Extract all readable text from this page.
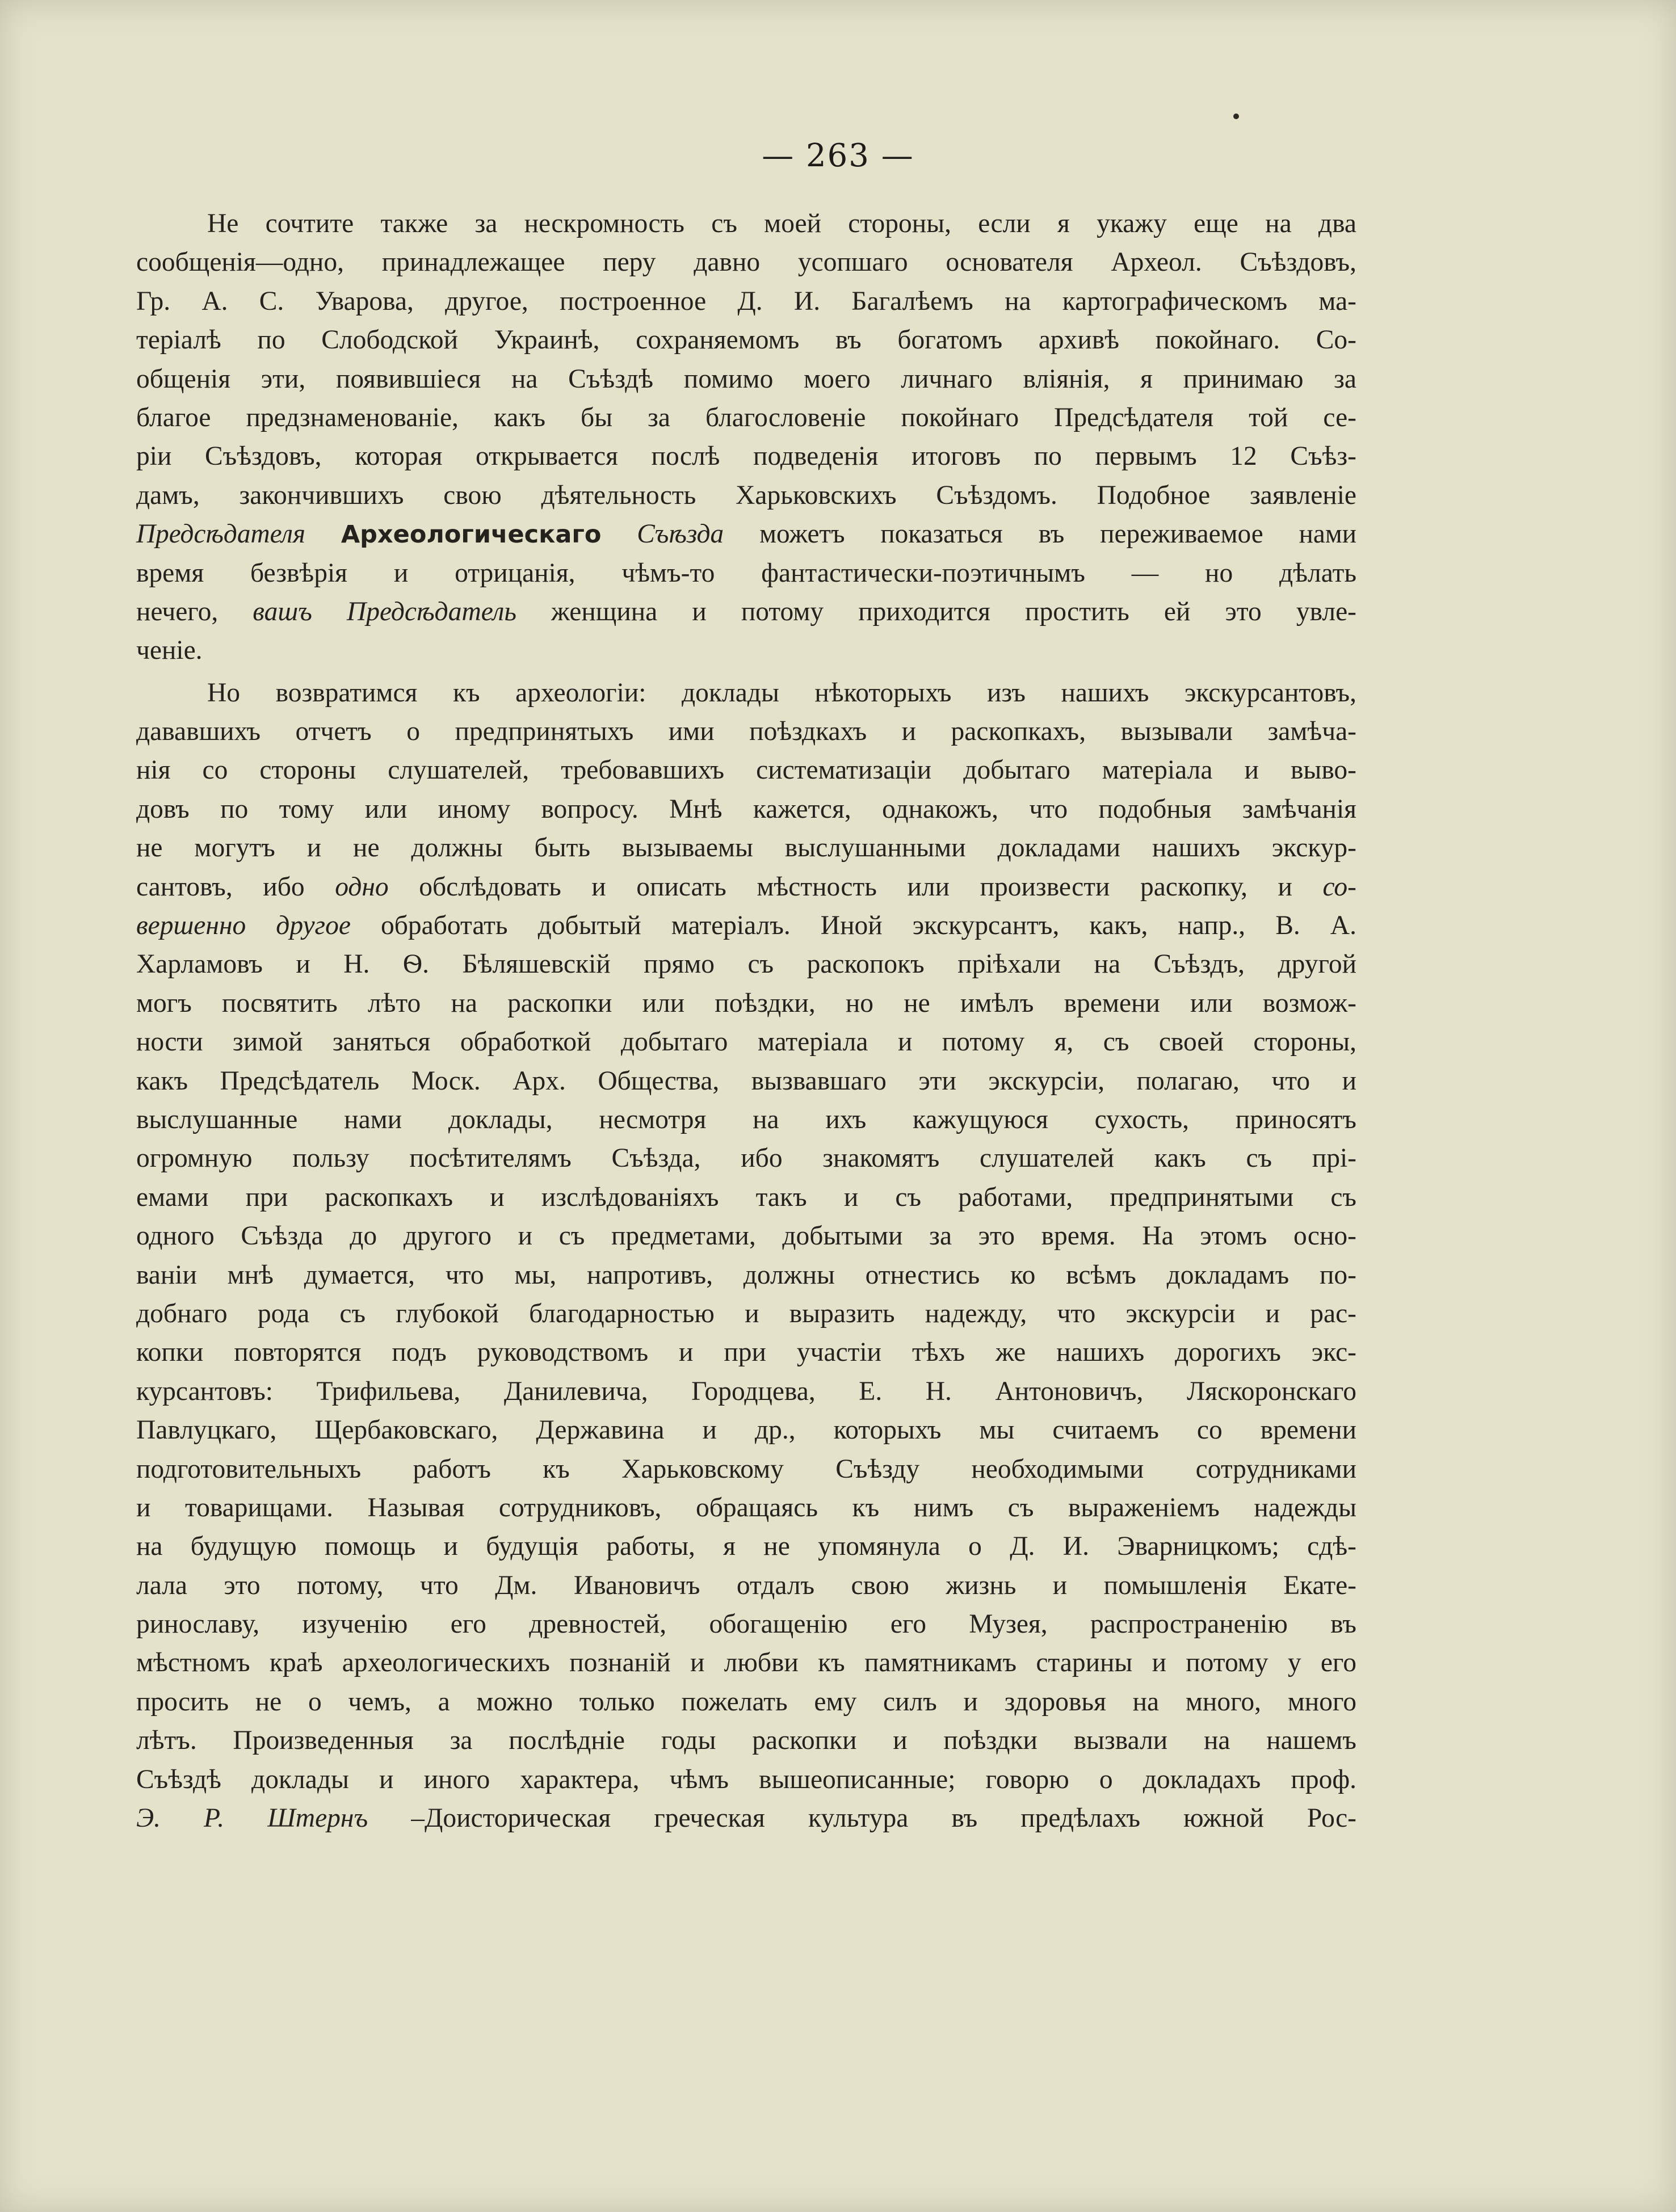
— 263 —
Не сочтите также за нескромность съ моей стороны, если я укажу еще на два
сообщенія—одно, принадлежащее перу давно усопшаго основателя Археол. Съѣздовъ,
Гр. А. С. Уварова, другое, построенное Д. И. Багалѣемъ на картографическомъ ма-
теріалѣ по Слободской Украинѣ, сохраняемомъ въ богатомъ архивѣ покойнаго. Со-
общенія эти, появившіеся на Съѣздѣ помимо моего личнаго вліянія, я принимаю за
благое предзнаменованіе, какъ бы за благословеніе покойнаго Предсѣдателя той се-
ріи Съѣздовъ, которая открывается послѣ подведенія итоговъ по первымъ 12 Съѣз-
дамъ, закончившихъ свою дѣятельность Харьковскихъ Съѣздомъ. Подобное заявленіе
Предсѣдателя Археологическаго Съѣзда можетъ показаться въ переживаемое нами
время безвѣрія и отрицанія, чѣмъ-то фантастически-поэтичнымъ — но дѣлать
нечего, вашъ Предсѣдатель женщина и потому приходится простить ей это увле-
ченіе.
Но возвратимся къ археологіи: доклады нѣкоторыхъ изъ нашихъ экскурсантовъ,
дававшихъ отчетъ о предпринятыхъ ими поѣздкахъ и раскопкахъ, вызывали замѣча-
нія со стороны слушателей, требовавшихъ систематизаціи добытаго матеріала и выво-
довъ по тому или иному вопросу. Мнѣ кажется, однакожъ, что подобныя замѣчанія
не могутъ и не должны быть вызываемы выслушанными докладами нашихъ экскур-
сантовъ, ибо одно обслѣдовать и описать мѣстность или произвести раскопку, и со-
вершенно другое обработать добытый матеріалъ. Иной экскурсантъ, какъ, напр., В. А.
Харламовъ и Н. Ѳ. Бѣляшевскій прямо съ раскопокъ пріѣхали на Съѣздъ, другой
могъ посвятить лѣто на раскопки или поѣздки, но не имѣлъ времени или возмож-
ности зимой заняться обработкой добытаго матеріала и потому я, съ своей стороны,
какъ Предсѣдатель Моск. Арх. Общества, вызвавшаго эти экскурсіи, полагаю, что и
выслушанные нами доклады, несмотря на ихъ кажущуюся сухость, приносятъ
огромную пользу посѣтителямъ Съѣзда, ибо знакомятъ слушателей какъ съ прі-
емами при раскопкахъ и изслѣдованіяхъ такъ и съ работами, предпринятыми съ
одного Съѣзда до другого и съ предметами, добытыми за это время. На этомъ осно-
ваніи мнѣ думается, что мы, напротивъ, должны отнестись ко всѣмъ докладамъ по-
добнаго рода съ глубокой благодарностью и выразить надежду, что экскурсіи и рас-
копки повторятся подъ руководствомъ и при участіи тѣхъ же нашихъ дорогихъ экс-
курсантовъ: Трифильева, Данилевича, Городцева, Е. Н. Антоновичъ, Ляскоронскаго
Павлуцкаго, Щербаковскаго, Державина и др., которыхъ мы считаемъ со времени
подготовительныхъ работъ къ Харьковскому Съѣзду необходимыми сотрудниками
и товарищами. Называя сотрудниковъ, обращаясь къ нимъ съ выраженіемъ надежды
на будущую помощь и будущія работы, я не упомянула о Д. И. Эварницкомъ; сдѣ-
лала это потому, что Дм. Ивановичъ отдалъ свою жизнь и помышленія Екате-
ринославу, изученію его древностей, обогащенію его Музея, распространенію въ
мѣстномъ краѣ археологическихъ познаній и любви къ памятникамъ старины и потому у его
просить не о чемъ, а можно только пожелать ему силъ и здоровья на много, много
лѣтъ. Произведенныя за послѣдніе годы раскопки и поѣздки вызвали на нашемъ
Съѣздѣ доклады и иного характера, чѣмъ вышеописанные; говорю о докладахъ проф.
Э. Р. Штернъ –Доисторическая греческая культура въ предѣлахъ южной Рос-
